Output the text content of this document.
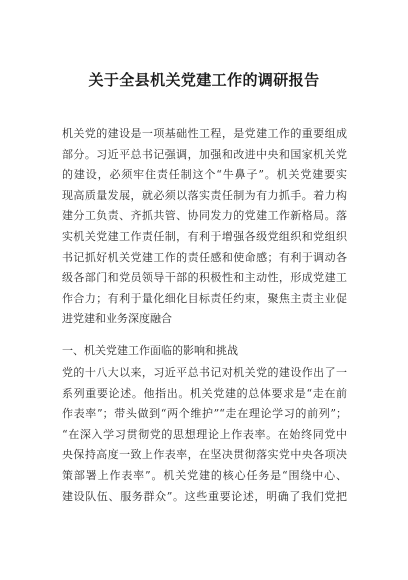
关于全县机关党建工作的调研报告
机关党的建设是一项基础性工程，是党建工作的重要组成
部分。习近平总书记强调，加强和改进中央和国家机关党
的建设，必须牢住责任制这个“牛鼻子”。机关党建要实
现高质量发展，就必须以落实责任制为有力抓手。着力构
建分工负责、齐抓共管、协同发力的党建工作新格局。落
实机关党建工作责任制，有利于增强各级党组织和党组织
书记抓好机关党建工作的责任感和使命感；有利于调动各
级各部门和党员领导干部的积极性和主动性，形成党建工
作合力；有利于量化细化目标责任约束，聚焦主责主业促
进党建和业务深度融合
一、机关党建工作面临的影响和挑战
党的十八大以来，习近平总书记对机关党的建设作出了一
系列重要论述。他指出。机关党建的总体要求是“走在前
作表率”；带头做到“两个维护”“走在理论学习的前列”；
“在深入学习贯彻党的思想理论上作表率。在始终同党中
央保持高度一致上作表率，在坚决贯彻落实党中央各项决
策部署上作表率”。机关党建的核心任务是“围绕中心、
建设队伍、服务群众”。这些重要论述，明确了我们党把
